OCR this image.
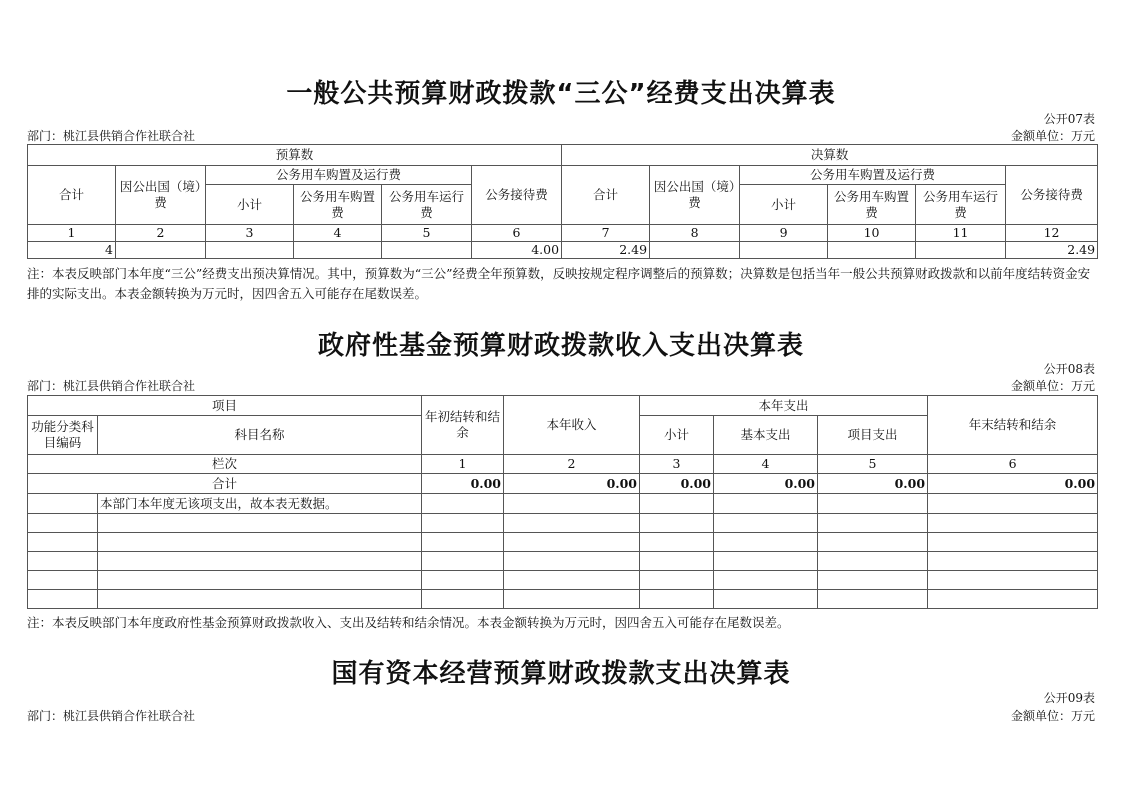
一般公共预算财政拨款“三公”经费支出决算表
公开07表
部门：桃江县供销合作社联合社	金额单位：万元
预算数						决算数					
合计	因公出国（境）费	公务用车购置及运行费			公务接待费	合计	因公出国（境）费	公务用车购置及运行费			公务接待费
		小计	公务用车购置费	公务用车运行费				小计	公务用车购置费	公务用车运行费	
1	2	3	4	5	6	7	8	9	10	11	12
4					4.00	2.49					2.49
注：本表反映部门本年度“三公”经费支出预决算情况。其中，预算数为“三公”经费全年预算数，反映按规定程序调整后的预算数；决算数是包括当年一般公共预算财政拨款和以前年度结转资金安排的实际支出。本表金额转换为万元时，因四舍五入可能存在尾数误差。
政府性基金预算财政拨款收入支出决算表
公开08表
部门：桃江县供销合作社联合社	金额单位：万元
项目		年初结转和结余	本年收入	本年支出			年末结转和结余
功能分类科目编码	科目名称			小计	基本支出	项目支出	
栏次		1	2	3	4	5	6
合计		0.00	0.00	0.00	0.00	0.00	0.00
	本部门本年度无该项支出，故本表无数据。						

注：本表反映部门本年度政府性基金预算财政拨款收入、支出及结转和结余情况。本表金额转换为万元时，因四舍五入可能存在尾数误差。
国有资本经营预算财政拨款支出决算表
公开09表
部门：桃江县供销合作社联合社	金额单位：万元
